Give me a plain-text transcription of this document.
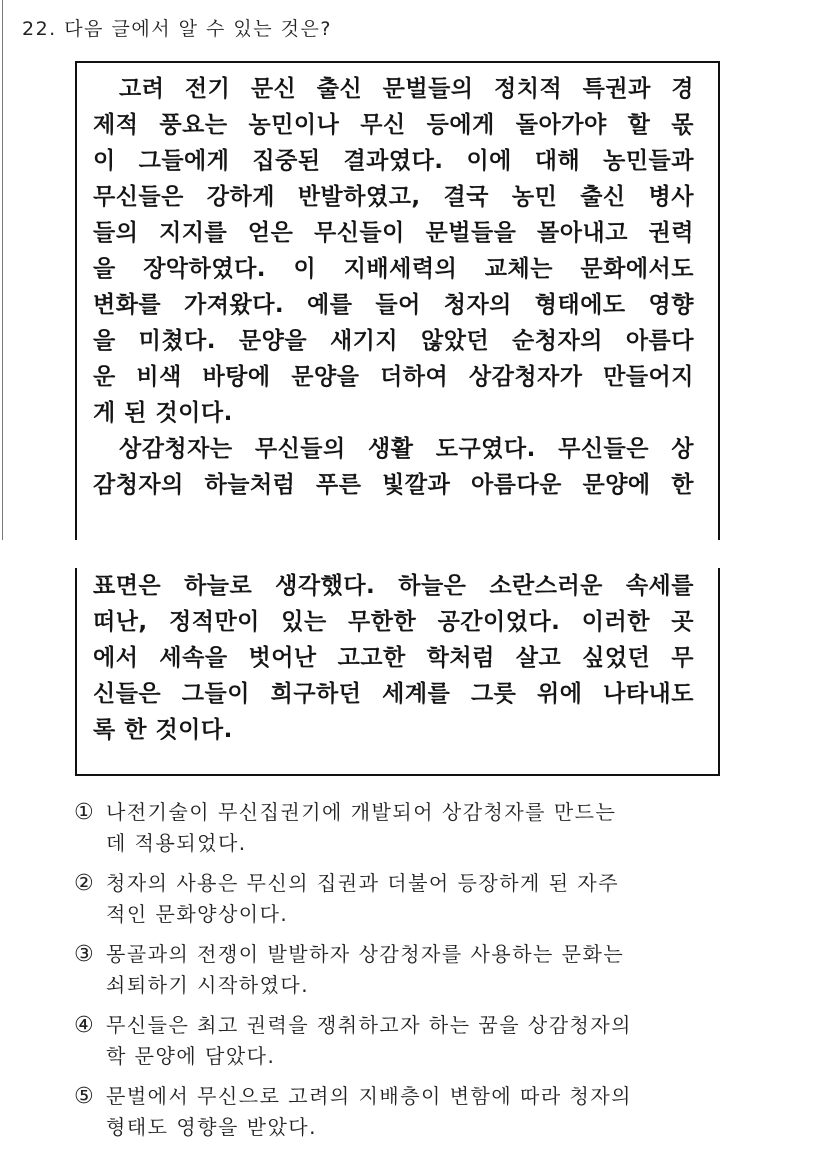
22. 다음 글에서 알 수 있는 것은?
고려 전기 문신 출신 문벌들의 정치적 특권과 경
제적 풍요는 농민이나 무신 등에게 돌아가야 할 몫
이 그들에게 집중된 결과였다. 이에 대해 농민들과
무신들은 강하게 반발하였고, 결국 농민 출신 병사
들의 지지를 얻은 무신들이 문벌들을 몰아내고 권력
을 장악하였다. 이 지배세력의 교체는 문화에서도
변화를 가져왔다. 예를 들어 청자의 형태에도 영향
을 미쳤다. 문양을 새기지 않았던 순청자의 아름다
운 비색 바탕에 문양을 더하여 상감청자가 만들어지
게 된 것이다.
상감청자는 무신들의 생활 도구였다. 무신들은 상
감청자의 하늘처럼 푸른 빛깔과 아름다운 문양에 한
표면은 하늘로 생각했다. 하늘은 소란스러운 속세를
떠난, 정적만이 있는 무한한 공간이었다. 이러한 곳
에서 세속을 벗어난 고고한 학처럼 살고 싶었던 무
신들은 그들이 희구하던 세계를 그릇 위에 나타내도
록 한 것이다.
① 나전기술이 무신집권기에 개발되어 상감청자를 만드는
데 적용되었다.
② 청자의 사용은 무신의 집권과 더불어 등장하게 된 자주
적인 문화양상이다.
③ 몽골과의 전쟁이 발발하자 상감청자를 사용하는 문화는
쇠퇴하기 시작하였다.
④ 무신들은 최고 권력을 쟁취하고자 하는 꿈을 상감청자의
학 문양에 담았다.
⑤ 문벌에서 무신으로 고려의 지배층이 변함에 따라 청자의
형태도 영향을 받았다.
